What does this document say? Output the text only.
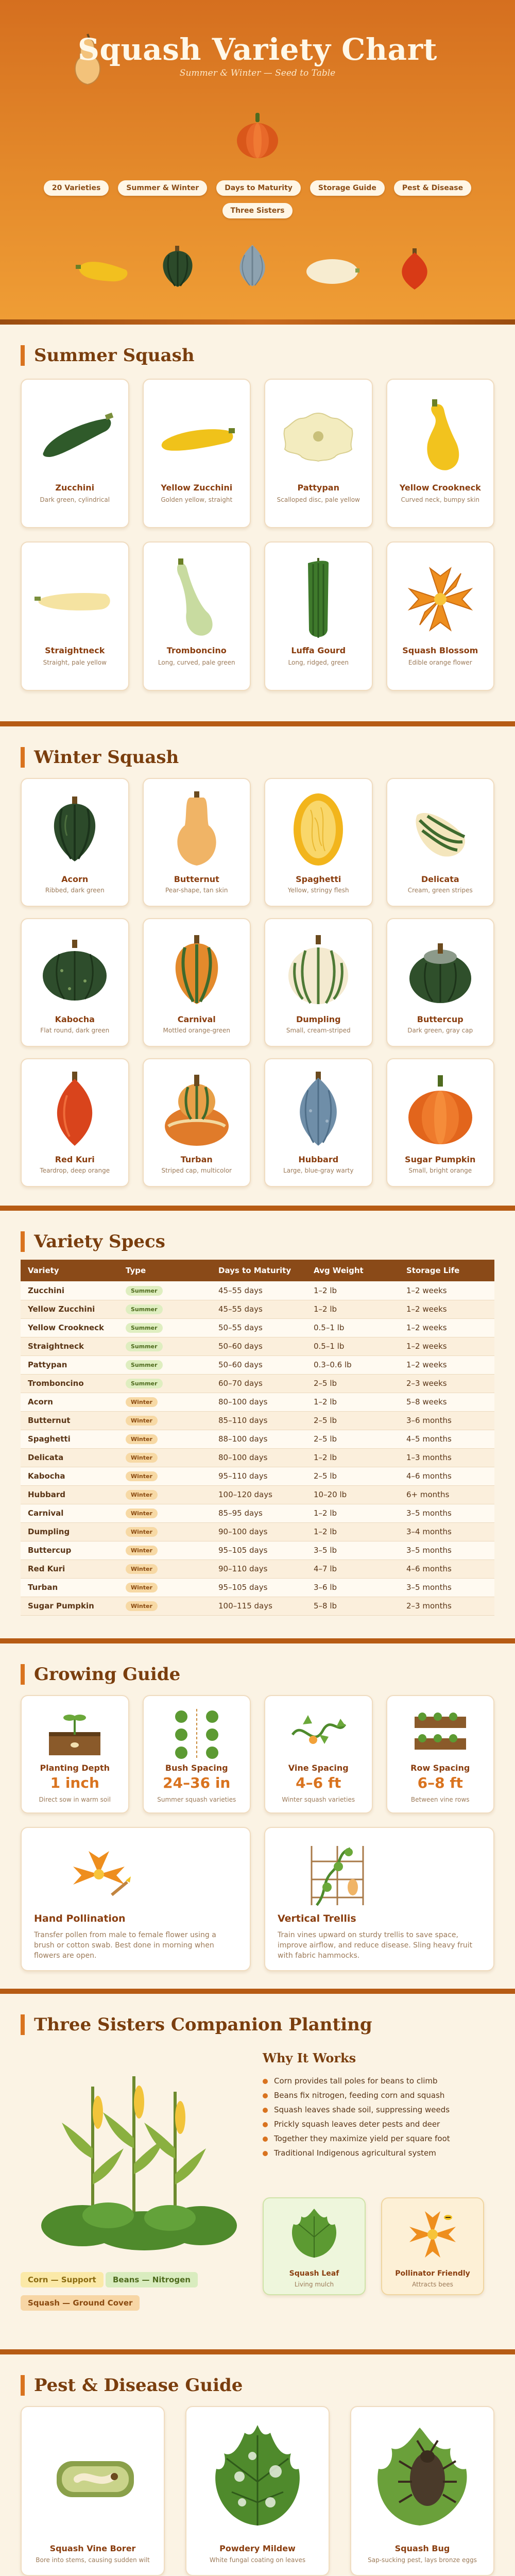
Squash Variety Chart
Summer & Winter — Seed to Table
20 Varieties	Summer & Winter	Days to Maturity	Storage Guide	Pest & Disease
Three Sisters
Summer Squash
Zucchini
Dark green, cylindrical
Yellow Zucchini
Golden yellow, straight
Pattypan
Scalloped disc, pale yellow
Yellow Crookneck
Curved neck, bumpy skin
Straightneck
Straight, pale yellow
Tromboncino
Long, curved, pale green
Luffa Gourd
Long, ridged, green
Squash Blossom
Edible orange flower
Winter Squash
Acorn
Ribbed, dark green
Butternut
Pear-shape, tan skin
Spaghetti
Yellow, stringy flesh
Delicata
Cream, green stripes
Kabocha
Flat round, dark green
Carnival
Mottled orange-green
Dumpling
Small, cream-striped
Buttercup
Dark green, gray cap
Red Kuri
Teardrop, deep orange
Turban
Striped cap, multicolor
Hubbard
Large, blue-gray warty
Sugar Pumpkin
Small, bright orange
Variety Specs
Variety	Type	Days to Maturity	Avg Weight	Storage Life
Zucchini	Summer	45–55 days	1–2 lb	1–2 weeks
Yellow Zucchini	Summer	45–55 days	1–2 lb	1–2 weeks
Yellow Crookneck	Summer	50–55 days	0.5–1 lb	1–2 weeks
Straightneck	Summer	50–60 days	0.5–1 lb	1–2 weeks
Pattypan	Summer	50–60 days	0.3–0.6 lb	1–2 weeks
Tromboncino	Summer	60–70 days	2–5 lb	2–3 weeks
Acorn	Winter	80–100 days	1–2 lb	5–8 weeks
Butternut	Winter	85–110 days	2–5 lb	3–6 months
Spaghetti	Winter	88–100 days	2–5 lb	4–5 months
Delicata	Winter	80–100 days	1–2 lb	1–3 months
Kabocha	Winter	95–110 days	2–5 lb	4–6 months
Hubbard	Winter	100–120 days	10–20 lb	6+ months
Carnival	Winter	85–95 days	1–2 lb	3–5 months
Dumpling	Winter	90–100 days	1–2 lb	3–4 months
Buttercup	Winter	95–105 days	3–5 lb	3–5 months
Red Kuri	Winter	90–110 days	4–7 lb	4–6 months
Turban	Winter	95–105 days	3–6 lb	3–5 months
Sugar Pumpkin	Winter	100–115 days	5–8 lb	2–3 months
Growing Guide
Planting Depth
1 inch
Direct sow in warm soil
Bush Spacing
24–36 in
Summer squash varieties
Vine Spacing
4–6 ft
Winter squash varieties
Row Spacing
6–8 ft
Between vine rows
Hand Pollination
Transfer pollen from male to female flower using a brush or cotton swab. Best done in morning when flowers are open.
Vertical Trellis
Train vines upward on sturdy trellis to save space, improve airflow, and reduce disease. Sling heavy fruit with fabric hammocks.
Three Sisters Companion Planting
Corn — Support	Beans — Nitrogen
Squash — Ground Cover
Why It Works
Corn provides tall poles for beans to climb
Beans fix nitrogen, feeding corn and squash
Squash leaves shade soil, suppressing weeds
Prickly squash leaves deter pests and deer
Together they maximize yield per square foot
Traditional Indigenous agricultural system
Squash Leaf
Living mulch
Pollinator Friendly
Attracts bees
Pest & Disease Guide
Squash Vine Borer
Bore into stems, causing sudden wilt
Powdery Mildew
White fungal coating on leaves
Squash Bug
Sap-sucking pest, lays bronze eggs
